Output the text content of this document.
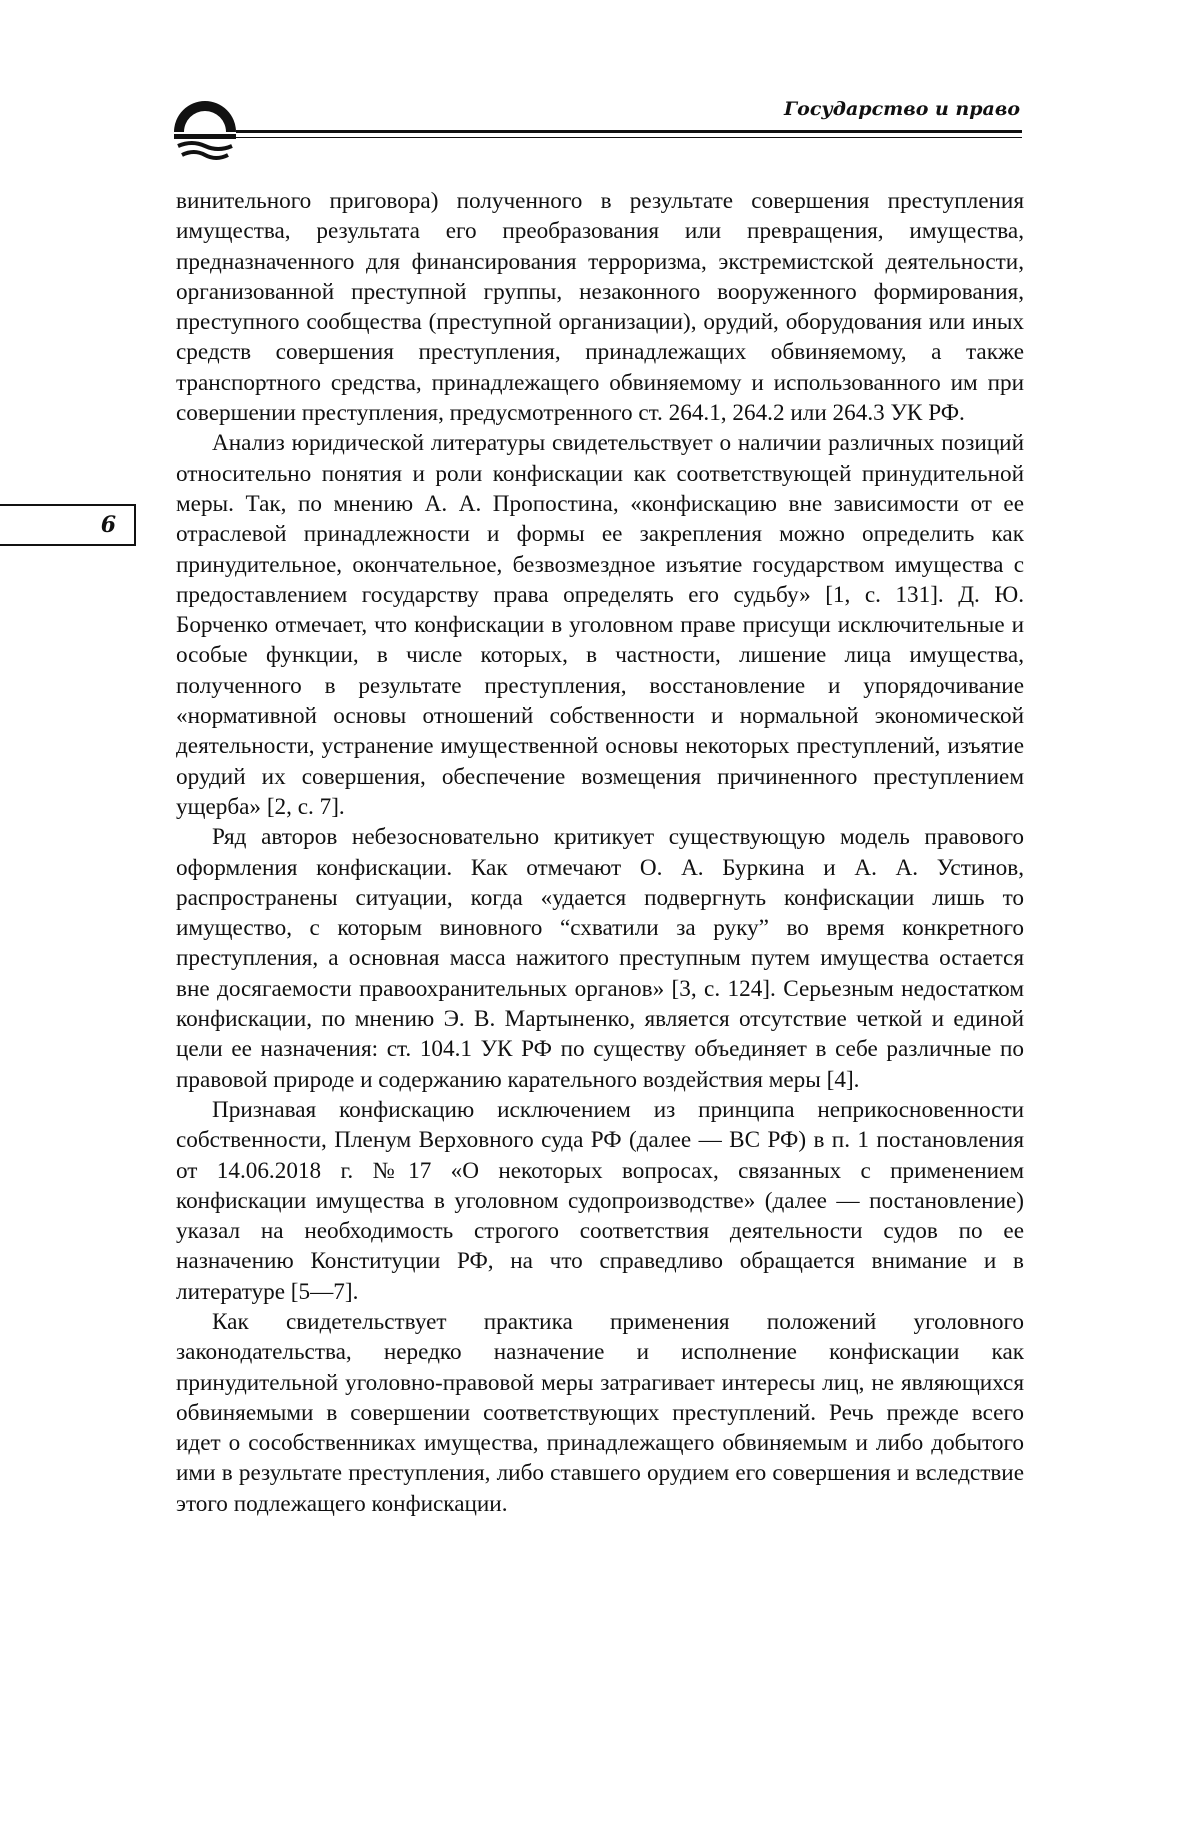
Государство и право
6

винительного приговора) полученного в результате совершения преступления имущества, результата его преобразования или превращения, имущества, предназначенного для финансирования терроризма, экстремистской деятельности, организованной преступной группы, незаконного вооруженного формирования, преступного сообщества (преступной организации), орудий, оборудования или иных средств совершения преступления, принадлежащих обвиняемому, а также транспортного средства, принадлежащего обвиняемому и использованного им при совершении преступления, предусмотренного ст. 264.1, 264.2 или 264.3 УК РФ.

Анализ юридической литературы свидетельствует о наличии различных позиций относительно понятия и роли конфискации как соответствующей принудительной меры. Так, по мнению А. А. Пропостина, «конфискацию вне зависимости от ее отраслевой принадлежности и формы ее закрепления можно определить как принудительное, окончательное, безвозмездное изъятие государством имущества с предоставлением государству права определять его судьбу» [1, с. 131]. Д. Ю. Борченко отмечает, что конфискации в уголовном праве присущи исключительные и особые функции, в числе которых, в частности, лишение лица имущества, полученного в результате преступления, восстановление и упорядочивание «нормативной основы отношений собственности и нормальной экономической деятельности, устранение имущественной основы некоторых преступлений, изъятие орудий их совершения, обеспечение возмещения причиненного преступлением ущерба» [2, с. 7].

Ряд авторов небезосновательно критикует существующую модель правового оформления конфискации. Как отмечают О. А. Буркина и А. А. Устинов, распространены ситуации, когда «удается подвергнуть конфискации лишь то имущество, с которым виновного “схватили за руку” во время конкретного преступления, а основная масса нажитого преступным путем имущества остается вне досягаемости правоохранительных органов» [3, с. 124]. Серьезным недостатком конфискации, по мнению Э. В. Мартыненко, является отсутствие четкой и единой цели ее назначения: ст. 104.1 УК РФ по существу объединяет в себе различные по правовой природе и содержанию карательного воздействия меры [4].

Признавая конфискацию исключением из принципа неприкосновенности собственности, Пленум Верховного суда РФ (далее — ВС РФ) в п. 1 постановления от 14.06.2018 г. №17 «О некоторых вопросах, связанных с применением конфискации имущества в уголовном судопроизводстве» (далее — постановление) указал на необходимость строгого соответствия деятельности судов по ее назначению Конституции РФ, на что справедливо обращается внимание и в литературе [5—7].

Как свидетельствует практика применения положений уголовного законодательства, нередко назначение и исполнение конфискации как принудительной уголовно-правовой меры затрагивает интересы лиц, не являющихся обвиняемыми в совершении соответствующих преступлений. Речь прежде всего идет о сособственниках имущества, принадлежащего обвиняемым и либо добытого ими в результате преступления, либо ставшего орудием его совершения и вследствие этого подлежащего конфискации.
